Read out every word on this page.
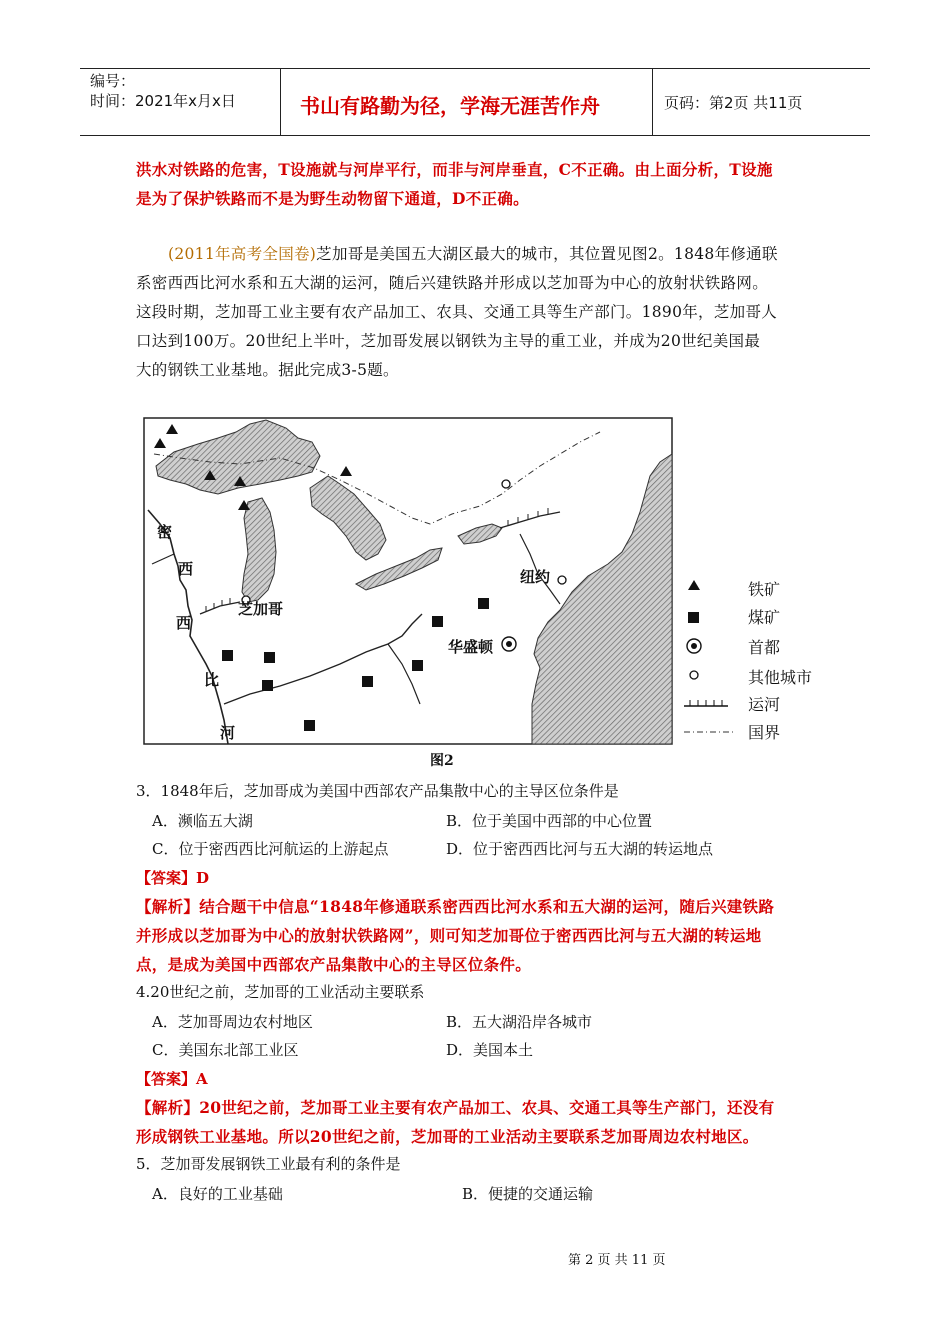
编号：
时间：2021年x月x日	书山有路勤为径，学海无涯苦作舟	页码：第2页 共11页
洪水对铁路的危害，T设施就与河岸平行，而非与河岸垂直，C不正确。由上面分析，T设施
是为了保护铁路而不是为野生动物留下通道，D不正确。
(2011年高考全国卷)芝加哥是美国五大湖区最大的城市，其位置见图2。1848年修通联
系密西西比河水系和五大湖的运河，随后兴建铁路并形成以芝加哥为中心的放射状铁路网。
这段时期，芝加哥工业主要有农产品加工、农具、交通工具等生产部门。1890年，芝加哥人
口达到100万。20世纪上半叶，芝加哥发展以钢铁为主导的重工业，并成为20世纪美国最
大的钢铁工业基地。据此完成3-5题。
密
西
西
比
河
芝加哥
纽约
华盛顿
图2
铁矿
煤矿
首都
其他城市
运河
国界
3．1848年后，芝加哥成为美国中西部农产品集散中心的主导区位条件是
A．濒临五大湖	B．位于美国中西部的中心位置
C．位于密西西比河航运的上游起点	D．位于密西西比河与五大湖的转运地点
【答案】D
【解析】结合题干中信息“1848年修通联系密西西比河水系和五大湖的运河，随后兴建铁路
并形成以芝加哥为中心的放射状铁路网”，则可知芝加哥位于密西西比河与五大湖的转运地
点，是成为美国中西部农产品集散中心的主导区位条件。
4.20世纪之前，芝加哥的工业活动主要联系
A．芝加哥周边农村地区	B．五大湖沿岸各城市
C．美国东北部工业区	D．美国本土
【答案】A
【解析】20世纪之前，芝加哥工业主要有农产品加工、农具、交通工具等生产部门，还没有
形成钢铁工业基地。所以20世纪之前，芝加哥的工业活动主要联系芝加哥周边农村地区。
5．芝加哥发展钢铁工业最有利的条件是
A．良好的工业基础	B．便捷的交通运输
第 2 页 共 11 页
